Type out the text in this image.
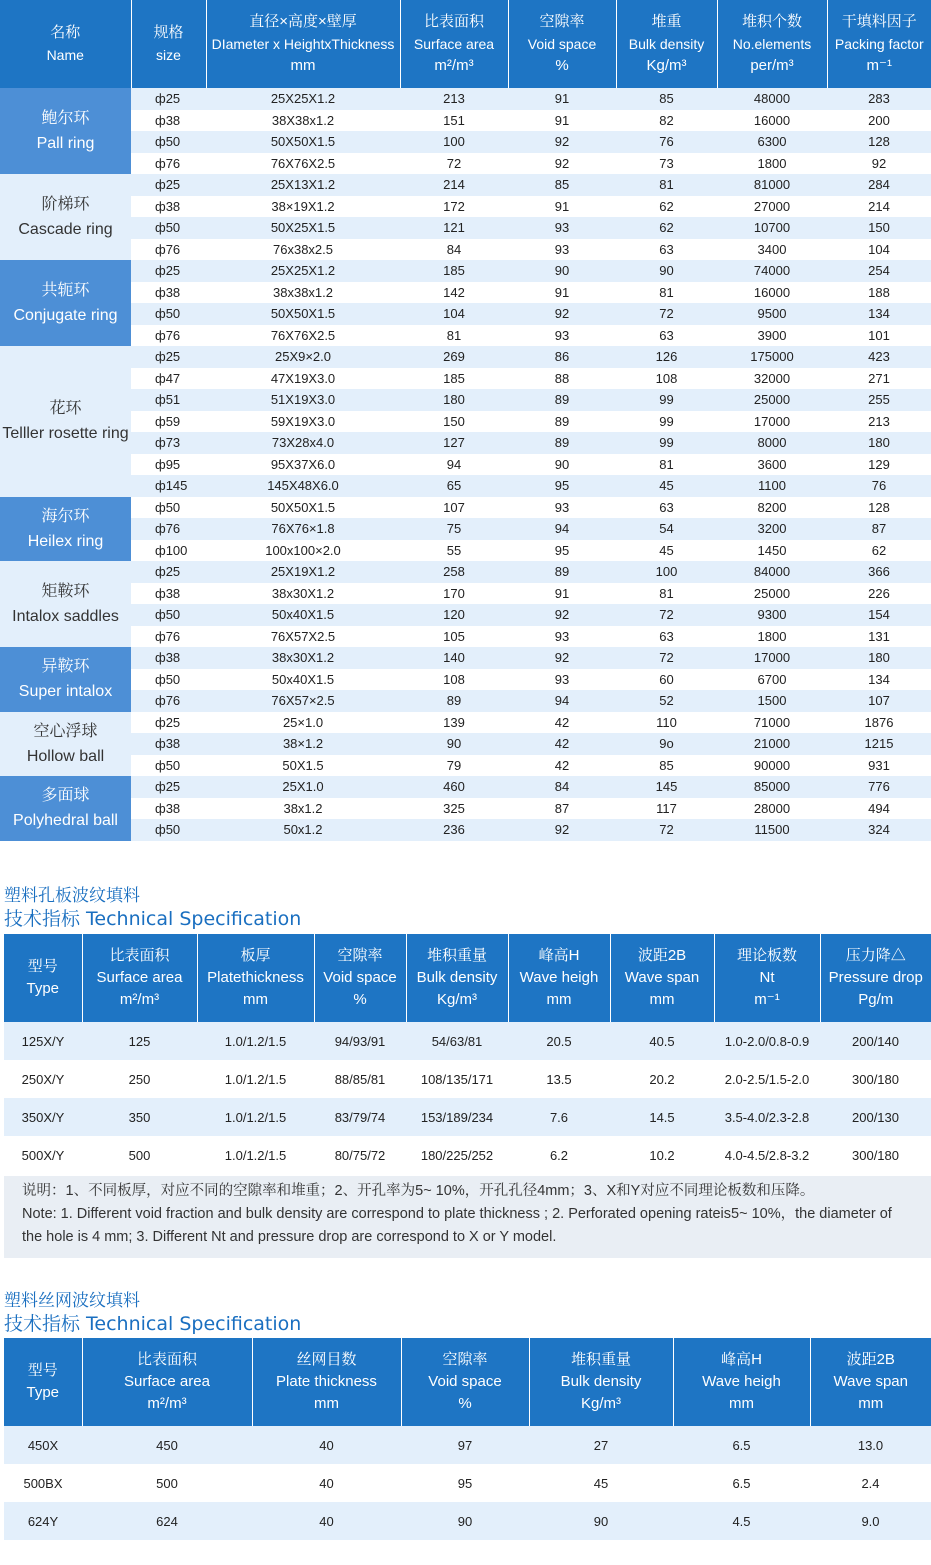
名称
Name	规格
size	直径×高度×壁厚
DIameter x HeightxThickness
mm	比表面积
Surface area
m²/m³	空隙率
Void space
%	堆重
Bulk density
Kg/m³	堆积个数
No.elements
per/m³	干填料因子
Packing factor
m⁻¹

鲍尔环
Pall ring	ф25	25X25X1.2	213	91	85	48000	283
	ф38	38X38x1.2	151	91	82	16000	200
	ф50	50X50X1.5	100	92	76	6300	128
	ф76	76X76X2.5	72	92	73	1800	92

阶梯环
Cascade ring	ф25	25X13X1.2	214	85	81	81000	284
	ф38	38×19X1.2	172	91	62	27000	214
	ф50	50X25X1.5	121	93	62	10700	150
	ф76	76x38x2.5	84	93	63	3400	104

共轭环
Conjugate ring	ф25	25X25X1.2	185	90	90	74000	254
	ф38	38x38x1.2	142	91	81	16000	188
	ф50	50X50X1.5	104	92	72	9500	134
	ф76	76X76X2.5	81	93	63	3900	101

花环
Telller rosette ring	ф25	25X9×2.0	269	86	126	175000	423
	ф47	47X19X3.0	185	88	108	32000	271
	ф51	51X19X3.0	180	89	99	25000	255
	ф59	59X19X3.0	150	89	99	17000	213
	ф73	73X28x4.0	127	89	99	8000	180
	ф95	95X37X6.0	94	90	81	3600	129
	ф145	145X48X6.0	65	95	45	1100	76

海尔环
Heilex ring	ф50	50X50X1.5	107	93	63	8200	128
	ф76	76X76×1.8	75	94	54	3200	87
	ф100	100x100×2.0	55	95	45	1450	62

矩鞍环
Intalox saddles	ф25	25X19X1.2	258	89	100	84000	366
	ф38	38x30X1.2	170	91	81	25000	226
	ф50	50x40X1.5	120	92	72	9300	154
	ф76	76X57X2.5	105	93	63	1800	131

异鞍环
Super intalox	ф38	38x30X1.2	140	92	72	17000	180
	ф50	50x40X1.5	108	93	60	6700	134
	ф76	76X57×2.5	89	94	52	1500	107

空心浮球
Hollow ball	ф25	25×1.0	139	42	110	71000	1876
	ф38	38×1.2	90	42	9o	21000	1215
	ф50	50X1.5	79	42	85	90000	931

多面球
Polyhedral ball	ф25	25X1.0	460	84	145	85000	776
	ф38	38x1.2	325	87	117	28000	494
	ф50	50x1.2	236	92	72	11500	324
塑料孔板波纹填料
技术指标 Technical Specification
型号
Type	比表面积
Surface area
m²/m³	板厚
Platethickness
mm	空隙率
Void space
%	堆积重量
Bulk density
Kg/m³	峰高H
Wave heigh
mm	波距2B
Wave span
mm	理论板数
Nt
m⁻¹	压力降△
Pressure drop
Pg/m

125X/Y	125	1.0/1.2/1.5	94/93/91	54/63/81	20.5	40.5	1.0-2.0/0.8-0.9	200/140
250X/Y	250	1.0/1.2/1.5	88/85/81	108/135/171	13.5	20.2	2.0-2.5/1.5-2.0	300/180
350X/Y	350	1.0/1.2/1.5	83/79/74	153/189/234	7.6	14.5	3.5-4.0/2.3-2.8	200/130
500X/Y	500	1.0/1.2/1.5	80/75/72	180/225/252	6.2	10.2	4.0-4.5/2.8-3.2	300/180
说明：1、不同板厚，对应不同的空隙率和堆重；2、开孔率为5~ 10%，开孔孔径4mm；3、X和Y对应不同理论板数和压降。
Note: 1. Different void fraction and bulk density are correspond to plate thickness ; 2. Perforated opening rateis5~ 10%，the diameter of the hole is 4 mm; 3. Different Nt and pressure drop are correspond to X or Y model.
塑料丝网波纹填料
技术指标 Technical Specification
型号
Type	比表面积
Surface area
m²/m³	丝网目数
Plate thickness
mm	空隙率
Void space
%	堆积重量
Bulk density
Kg/m³	峰高H
Wave heigh
mm	波距2B
Wave span
mm

450X	450	40	97	27	6.5	13.0
500BX	500	40	95	45	6.5	2.4
624Y	624	40	90	90	4.5	9.0
